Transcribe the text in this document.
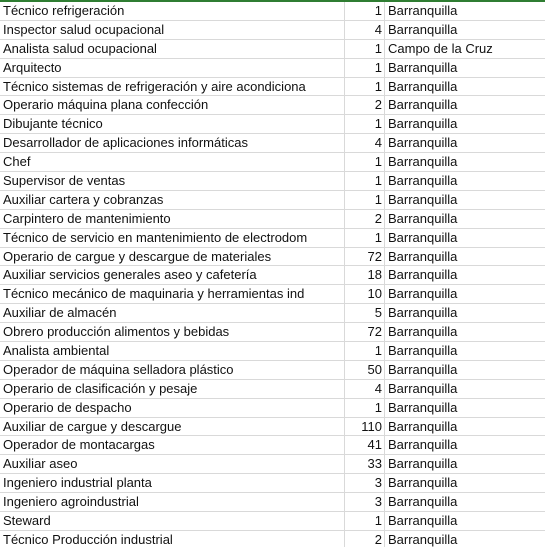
Técnico refrigeración	1 Barranquilla
Inspector salud ocupacional	4 Barranquilla
Analista salud ocupacional	1 Campo de la Cruz
Arquitecto	1 Barranquilla
Técnico sistemas de refrigeración y aire acondiciona	1 Barranquilla
Operario máquina plana confección	2 Barranquilla
Dibujante técnico	1 Barranquilla
Desarrollador de aplicaciones informáticas	4 Barranquilla
Chef	1 Barranquilla
Supervisor de ventas	1 Barranquilla
Auxiliar cartera y cobranzas	1 Barranquilla
Carpintero de mantenimiento	2 Barranquilla
Técnico de servicio en mantenimiento de electrodom	1 Barranquilla
Operario de cargue y descargue de materiales	72 Barranquilla
Auxiliar servicios generales aseo y cafetería	18 Barranquilla
Técnico mecánico de maquinaria y herramientas ind	10 Barranquilla
Auxiliar de almacén	5 Barranquilla
Obrero producción alimentos y bebidas	72 Barranquilla
Analista ambiental	1 Barranquilla
Operador de máquina selladora plástico	50 Barranquilla
Operario de clasificación y pesaje	4 Barranquilla
Operario de despacho	1 Barranquilla
Auxiliar de cargue y descargue	110 Barranquilla
Operador de montacargas	41 Barranquilla
Auxiliar aseo	33 Barranquilla
Ingeniero industrial planta	3 Barranquilla
Ingeniero agroindustrial	3 Barranquilla
Steward	1 Barranquilla
Técnico Producción industrial	2 Barranquilla
